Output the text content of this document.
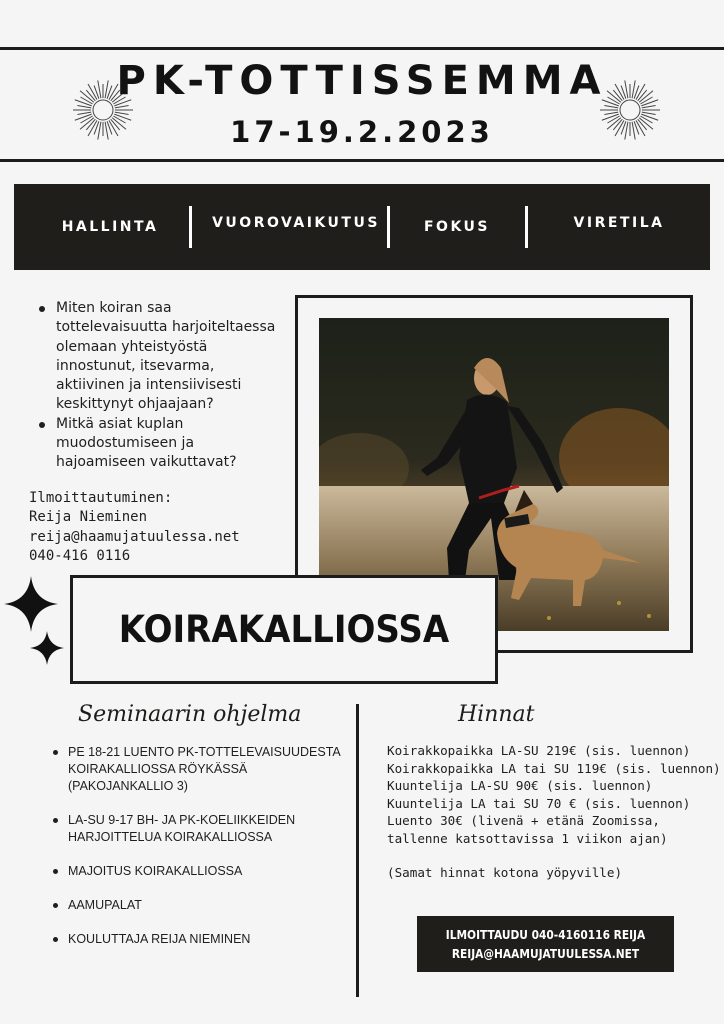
PK-TOTTISSEMMA
17-19.2.2023
HALLINTA	VUOROVAIKUTUS	FOKUS	VIRETILA
Miten koiran saa tottelevaisuutta harjoiteltaessa olemaan yhteistyöstä innostunut, itsevarma, aktiivinen ja intensiivisesti keskittynyt ohjaajaan?
Mitkä asiat kuplan muodostumiseen ja hajoamiseen vaikuttavat?
Ilmoittautuminen:
Reija Nieminen
reija@haamujatuulessa.net
040-416 0116
KOIRAKALLIOSSA
Seminaarin ohjelma	Hinnat
PE 18-21 LUENTO PK-TOTTELEVAISUUDESTA KOIRAKALLIOSSA RÖYKÄSSÄ (PAKOJANKALLIO 3)
LA-SU 9-17 BH- JA PK-KOELIIKKEIDEN HARJOITTELUA KOIRAKALLIOSSA
MAJOITUS KOIRAKALLIOSSA
AAMUPALAT
KOULUTTAJA REIJA NIEMINEN
Koirakkopaikka LA-SU 219€ (sis. luennon)
Koirakkopaikka LA tai SU 119€ (sis. luennon)
Kuuntelija LA-SU 90€ (sis. luennon)
Kuuntelija LA tai SU 70 € (sis. luennon)
Luento 30€ (livenä + etänä Zoomissa,
tallenne katsottavissa 1 viikon ajan)
(Samat hinnat kotona yöpyville)
ILMOITTAUDU 040-4160116 REIJA
REIJA@HAAMUJATUULESSA.NET
